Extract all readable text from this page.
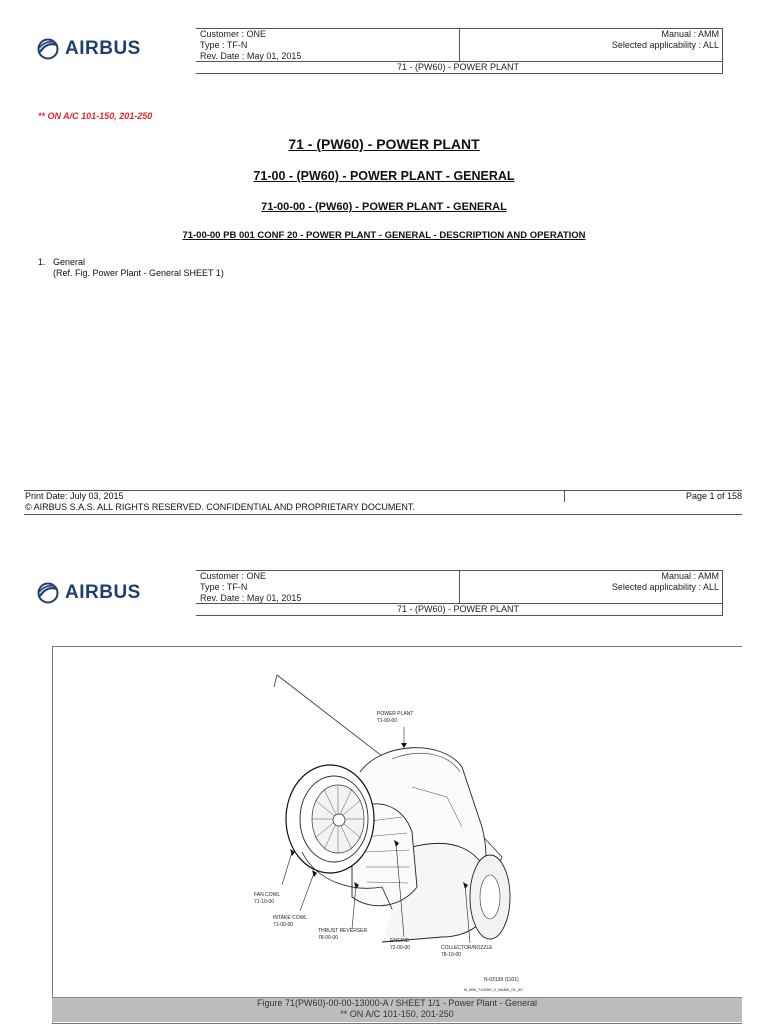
AIRBUS
Customer : ONE
Type : TF-N
Rev. Date : May 01, 2015
Manual : AMM
Selected applicability : ALL
71 - (PW60) - POWER PLANT
** ON A/C 101-150, 201-250
71 - (PW60) - POWER PLANT
71-00 - (PW60) - POWER PLANT - GENERAL
71-00-00 - (PW60) - POWER PLANT - GENERAL
71-00-00 PB 001 CONF 20 - POWER PLANT - GENERAL - DESCRIPTION AND OPERATION
1. General
(Ref. Fig. Power Plant - General SHEET 1)
Print Date: July 03, 2015	Page 1 of 158
© AIRBUS S.A.S. ALL RIGHTS RESERVED. CONFIDENTIAL AND PROPRIETARY DOCUMENT.
AIRBUS
Customer : ONE
Type : TF-N
Rev. Date : May 01, 2015
Manual : AMM
Selected applicability : ALL
71 - (PW60) - POWER PLANT
POWER PLANT
71-00-00
FAN COWL
71-10-00
INTAKE COWL
71-00-00
THRUST REVERSER
78-00-00	ENGINE
72-00-00	COLLECTOR/NOZZLE
78-10-00
N-03139 (1101)
N_MM_710000_0_NAM0_01_00
Figure 71(PW60)-00-00-13000-A / SHEET 1/1 - Power Plant - General
** ON A/C 101-150, 201-250
